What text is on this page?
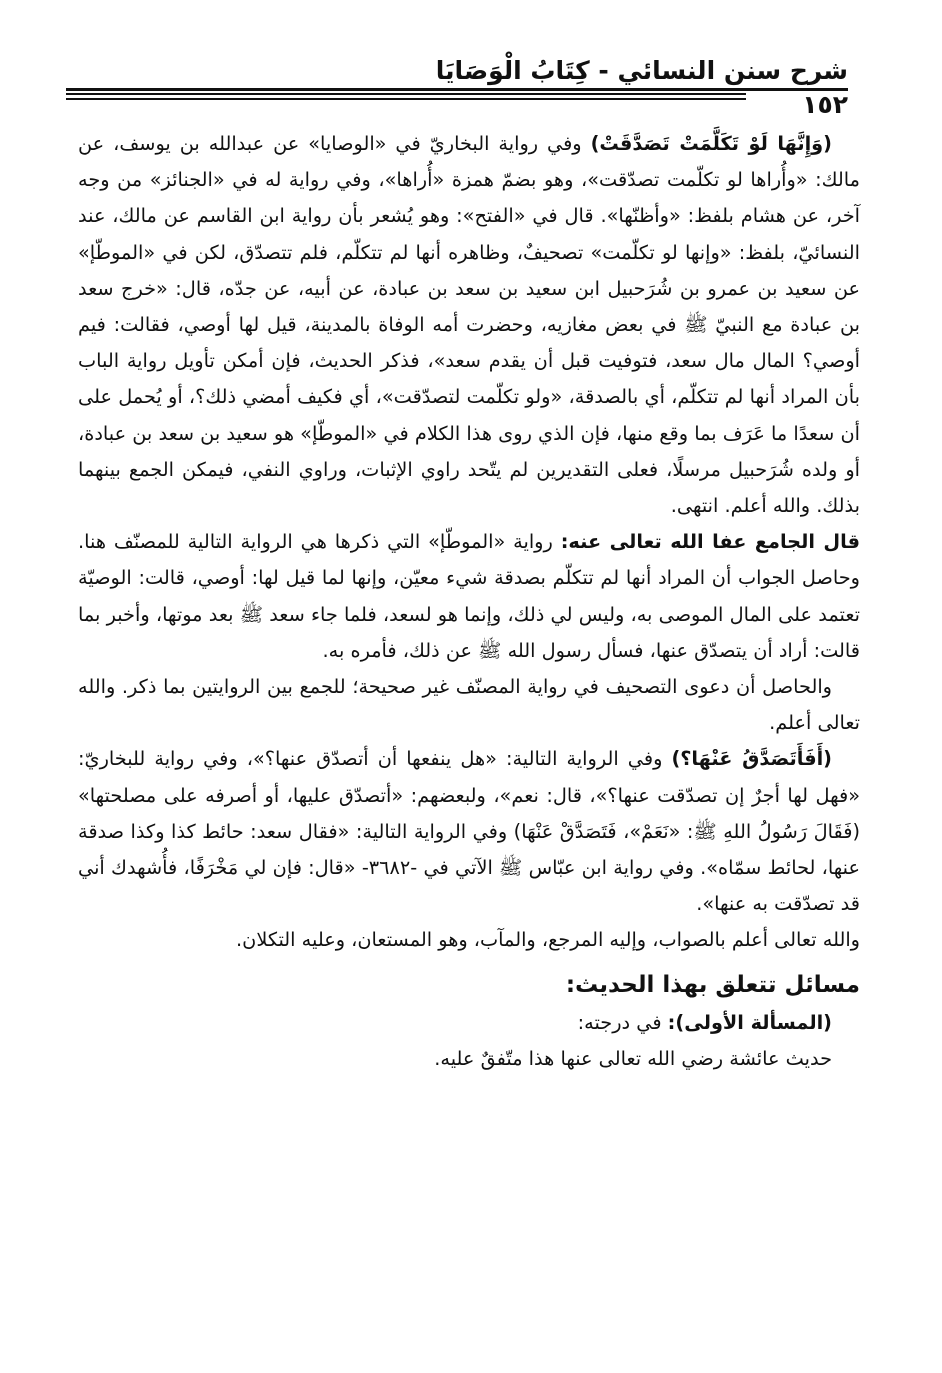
شرح سنن النسائي - كِتَابُ الْوَصَايَا
١٥٢

(وَإِنَّهَا لَوْ تَكَلَّمَتْ تَصَدَّقَتْ) وفي رواية البخاريّ في «الوصايا» عن عبدالله بن يوسف، عن مالك: «وأُراها لو تكلّمت تصدّقت»، وهو بضمّ همزة «أُراها»، وفي رواية له في «الجنائز» من وجه آخر، عن هشام بلفظ: «وأظنّها». قال في «الفتح»: وهو يُشعر بأن رواية ابن القاسم عن مالك، عند النسائيّ، بلفظ: «وإنها لو تكلّمت» تصحيفٌ، وظاهره أنها لم تتكلّم، فلم تتصدّق، لكن في «الموطّإ» عن سعيد بن عمرو بن شُرَحبيل ابن سعيد بن سعد بن عبادة، عن أبيه، عن جدّه، قال: «خرج سعد بن عبادة مع النبيّ ﷺ في بعض مغازيه، وحضرت أمه الوفاة بالمدينة، قيل لها أوصي، فقالت: فيم أوصي؟ المال مال سعد، فتوفيت قبل أن يقدم سعد»، فذكر الحديث، فإن أمكن تأويل رواية الباب بأن المراد أنها لم تتكلّم، أي بالصدقة، «ولو تكلّمت لتصدّقت»، أي فكيف أمضي ذلك؟، أو يُحمل على أن سعدًا ما عَرَف بما وقع منها، فإن الذي روى هذا الكلام في «الموطّإ» هو سعيد بن سعد بن عبادة، أو ولده شُرَحبيل مرسلًا، فعلى التقديرين لم يتّحد راوي الإثبات، وراوي النفي، فيمكن الجمع بينهما بذلك. والله أعلم. انتهى.

قال الجامع عفا الله تعالى عنه: رواية «الموطّإ» التي ذكرها هي الرواية التالية للمصنّف هنا. وحاصل الجواب أن المراد أنها لم تتكلّم بصدقة شيء معيّن، وإنها لما قيل لها: أوصي، قالت: الوصيّة تعتمد على المال الموصى به، وليس لي ذلك، وإنما هو لسعد، فلما جاء سعد ﷺ بعد موتها، وأخبر بما قالت: أراد أن يتصدّق عنها، فسأل رسول الله ﷺ عن ذلك، فأمره به.

والحاصل أن دعوى التصحيف في رواية المصنّف غير صحيحة؛ للجمع بين الروايتين بما ذكر. والله تعالى أعلم.

(أَفَأَتَصَدَّقُ عَنْهَا؟) وفي الرواية التالية: «هل ينفعها أن أتصدّق عنها؟»، وفي رواية للبخاريّ: «فهل لها أجرٌ إن تصدّقت عنها؟»، قال: نعم»، ولبعضهم: «أتصدّق عليها، أو أصرفه على مصلحتها» (فَقَالَ رَسُولُ اللهِ ﷺ: «نَعَمْ»، فَتَصَدَّقْ عَنْهَا) وفي الرواية التالية: «فقال سعد: حائط كذا وكذا صدقة عنها، لحائط سمّاه». وفي رواية ابن عبّاس ﷺ الآتي في -٣٦٨٢- «قال: فإن لي مَخْرَفًا، فأُشهدك أني قد تصدّقت به عنها».

والله تعالى أعلم بالصواب، وإليه المرجع، والمآب، وهو المستعان، وعليه التكلان.

مسائل تتعلق بهذا الحديث:

(المسألة الأولى): في درجته:

حديث عائشة رضي الله تعالى عنها هذا متّفقٌ عليه.
